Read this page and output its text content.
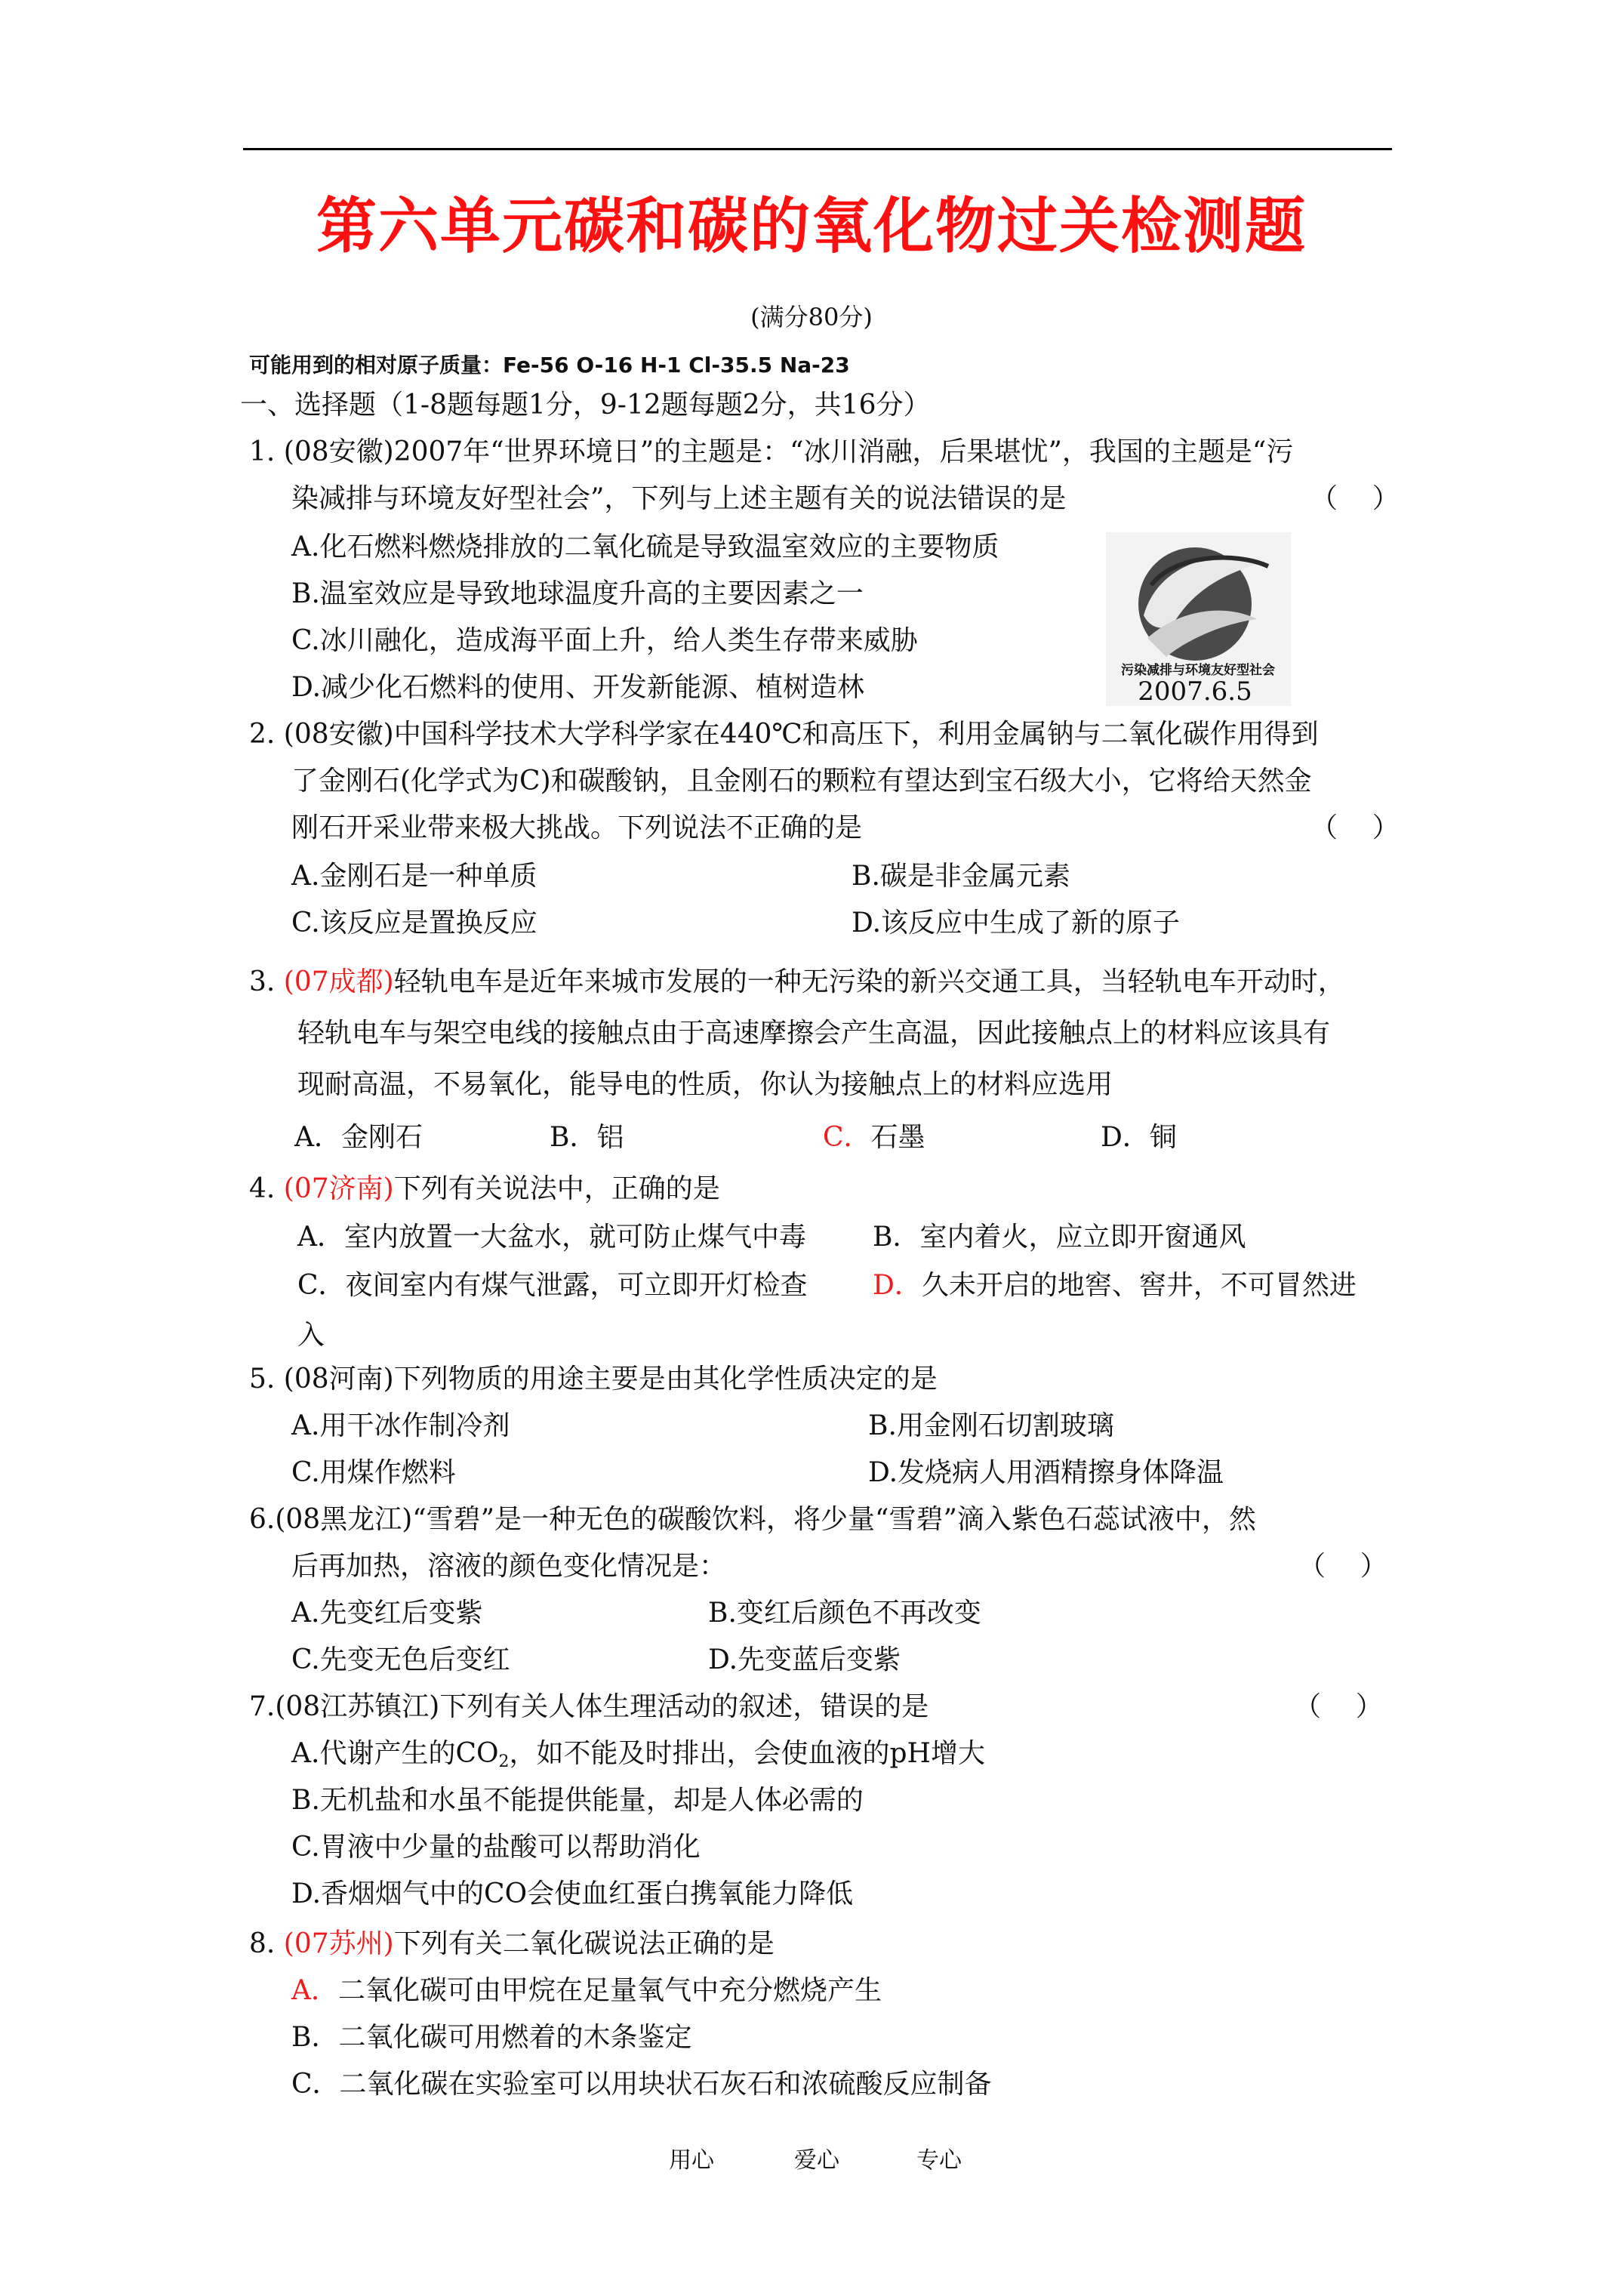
第六单元碳和碳的氧化物过关检测题
(满分80分)
可能用到的相对原子质量：Fe-56 O-16 H-1 Cl-35.5 Na-23
一、选择题（1-8题每题1分，9-12题每题2分，共16分）
1. (08安徽)2007年“世界环境日”的主题是：“冰川消融，后果堪忧”，我国的主题是“污
染减排与环境友好型社会”，下列与上述主题有关的说法错误的是	（    ）
A.化石燃料燃烧排放的二氧化硫是导致温室效应的主要物质
B.温室效应是导致地球温度升高的主要因素之一
C.冰川融化，造成海平面上升，给人类生存带来威胁
D.减少化石燃料的使用、开发新能源、植树造林
污染减排与环境友好型社会
2007.6.5
2. (08安徽)中国科学技术大学科学家在440℃和高压下，利用金属钠与二氧化碳作用得到
了金刚石(化学式为C)和碳酸钠，且金刚石的颗粒有望达到宝石级大小，它将给天然金
刚石开采业带来极大挑战。下列说法不正确的是	（    ）
A.金刚石是一种单质	B.碳是非金属元素
C.该反应是置换反应	D.该反应中生成了新的原子
3. (07成都)轻轨电车是近年来城市发展的一种无污染的新兴交通工具，当轻轨电车开动时，
轻轨电车与架空电线的接触点由于高速摩擦会产生高温，因此接触点上的材料应该具有
现耐高温，不易氧化，能导电的性质，你认为接触点上的材料应选用
A．金刚石	B．铝	C．石墨	D．铜
4. (07济南)下列有关说法中，正确的是
A．室内放置一大盆水，就可防止煤气中毒 B．室内着火，应立即开窗通风
C．夜间室内有煤气泄露，可立即开灯检查 D．久未开启的地窖、窖井，不可冒然进
入
5. (08河南)下列物质的用途主要是由其化学性质决定的是
A.用干冰作制冷剂	B.用金刚石切割玻璃
C.用煤作燃料	D.发烧病人用酒精擦身体降温
6.(08黑龙江)“雪碧”是一种无色的碳酸饮料，将少量“雪碧”滴入紫色石蕊试液中，然
后再加热，溶液的颜色变化情况是：	（    ）
A.先变红后变紫	B.变红后颜色不再改变
C.先变无色后变红	D.先变蓝后变紫
7.(08江苏镇江)下列有关人体生理活动的叙述，错误的是	（    ）
A.代谢产生的$CO_2$，如不能及时排出，会使血液的pH增大
B.无机盐和水虽不能提供能量，却是人体必需的
C.胃液中少量的盐酸可以帮助消化
D.香烟烟气中的CO会使血红蛋白携氧能力降低
8. (07苏州)下列有关二氧化碳说法正确的是
A．二氧化碳可由甲烷在足量氧气中充分燃烧产生
B．二氧化碳可用燃着的木条鉴定
C．二氧化碳在实验室可以用块状石灰石和浓硫酸反应制备
用心	爱心	专心
